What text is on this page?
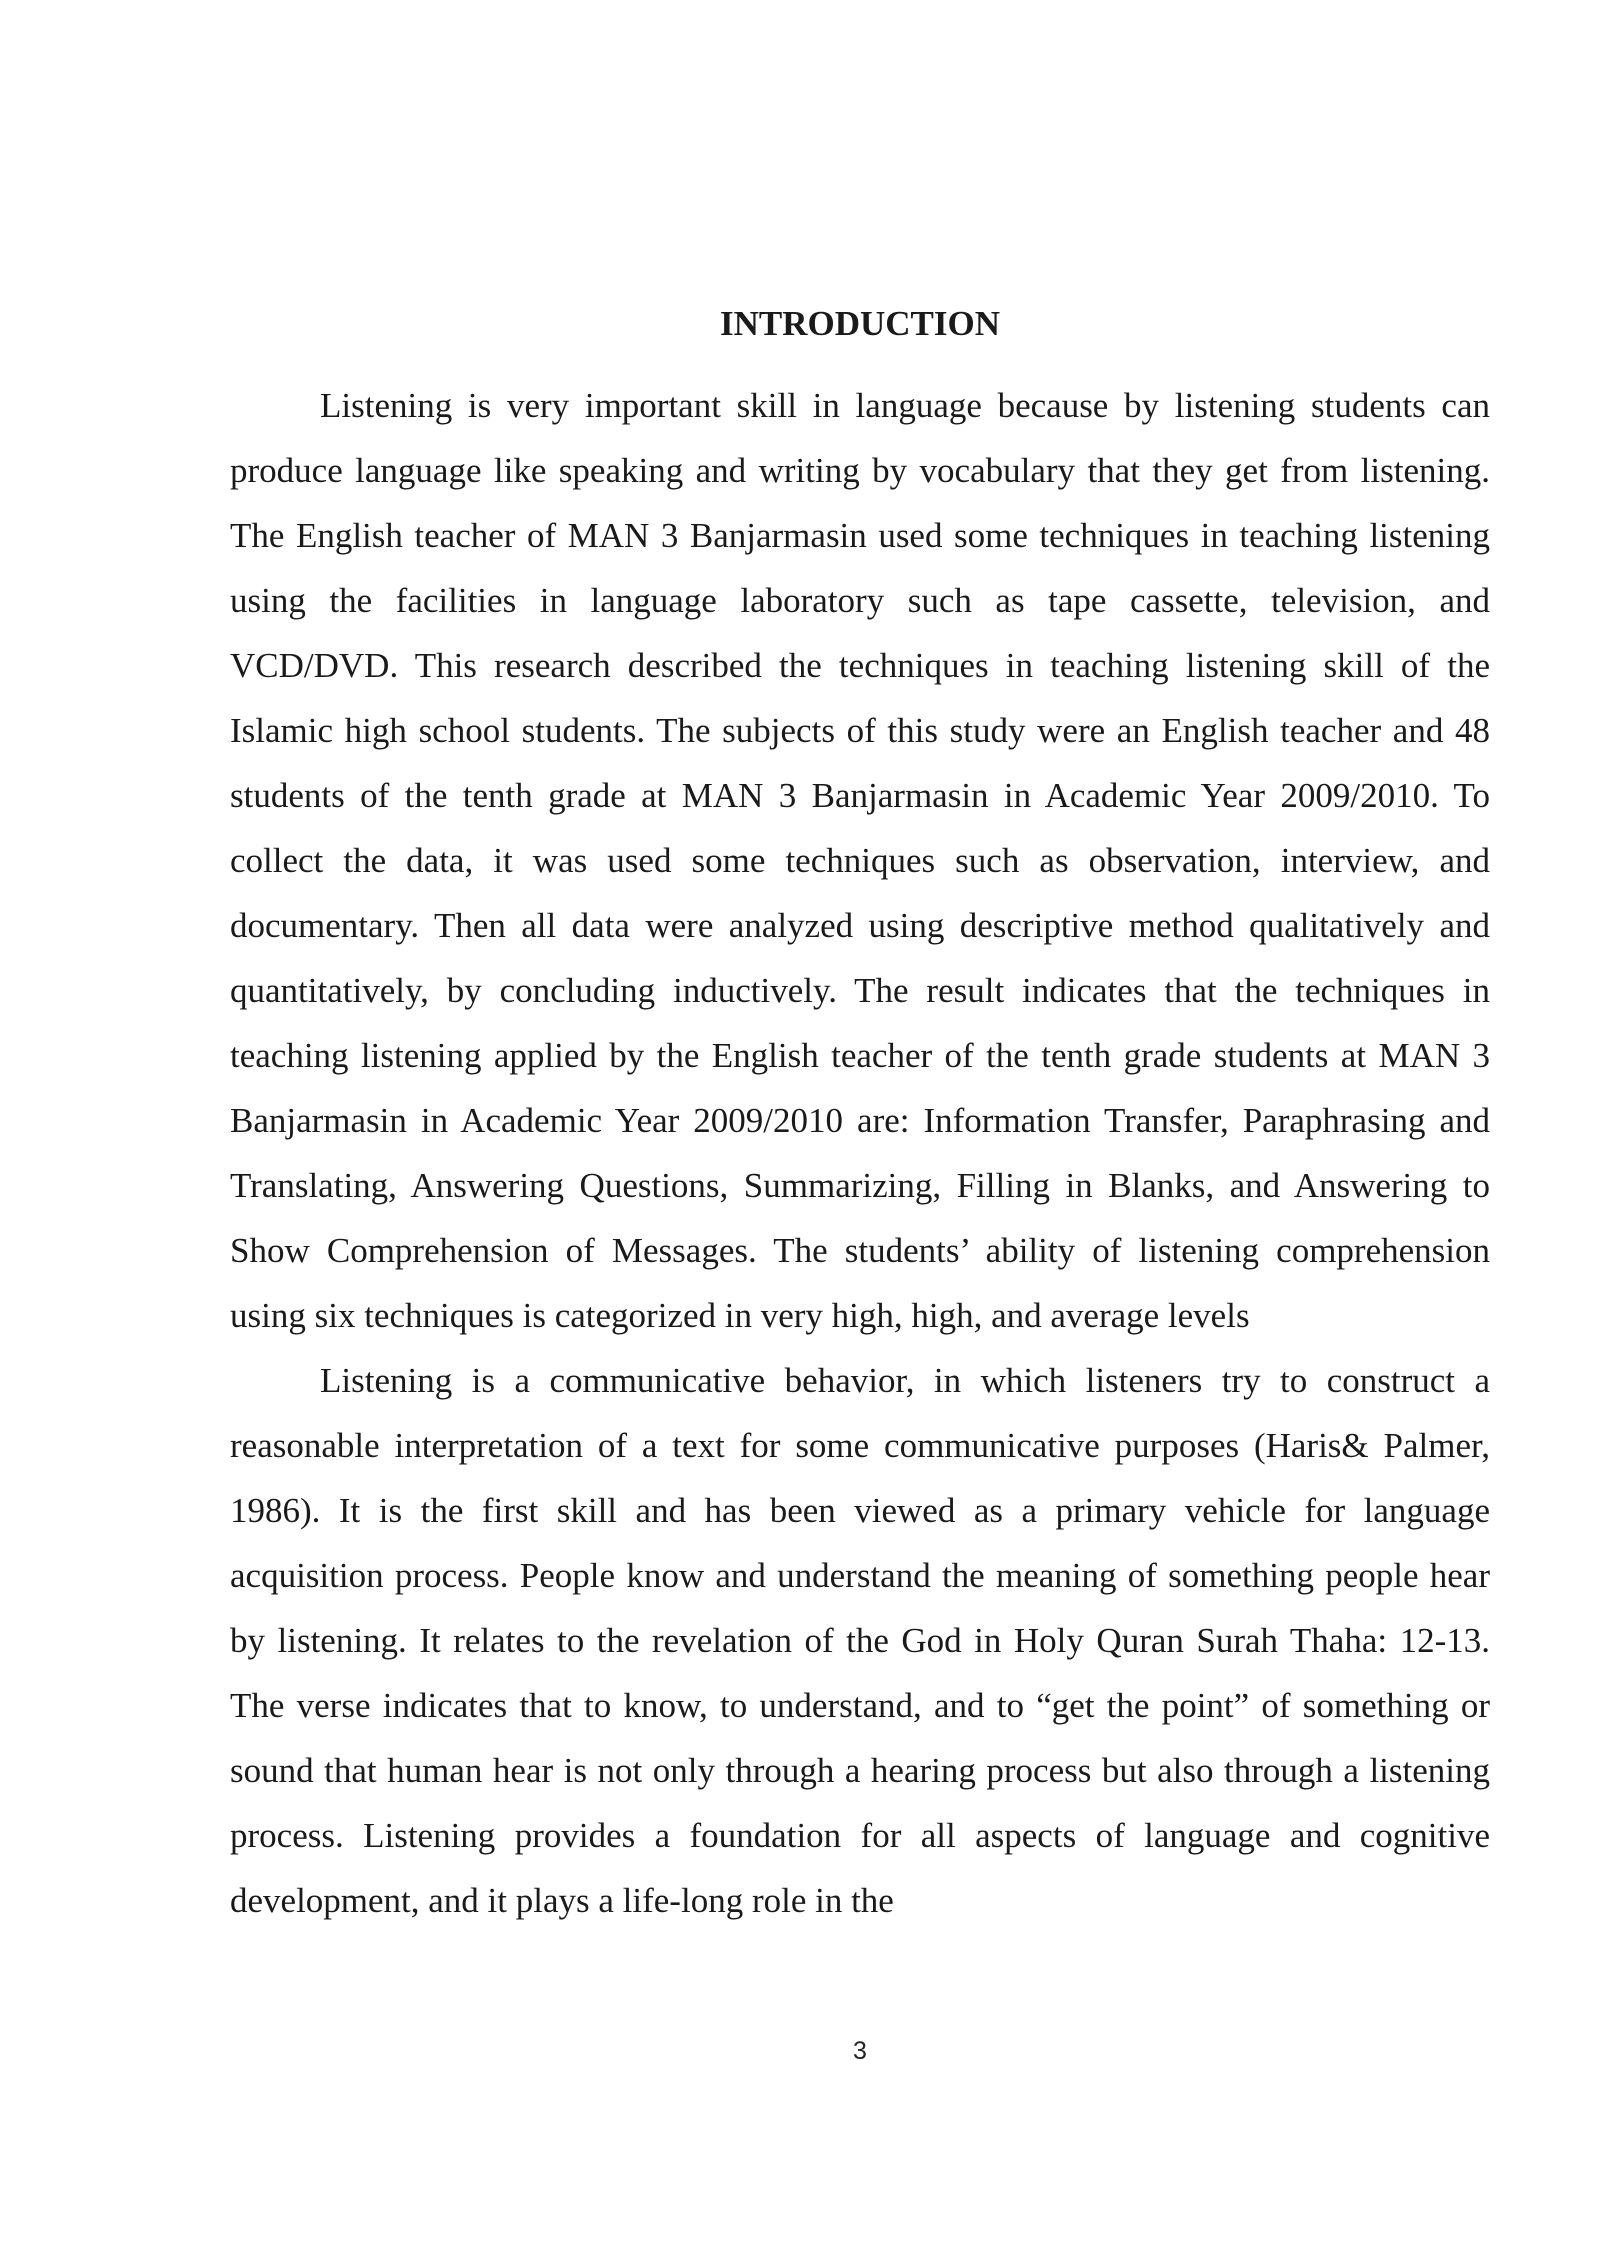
INTRODUCTION

Listening is very important skill in language because by listening students can produce language like speaking and writing by vocabulary that they get from listening. The English teacher of MAN 3 Banjarmasin used some techniques in teaching listening using the facilities in language laboratory such as tape cassette, television, and VCD/DVD. This research described the techniques in teaching listening skill of the Islamic high school students. The subjects of this study were an English teacher and 48 students of the tenth grade at MAN 3 Banjarmasin in Academic Year 2009/2010. To collect the data, it was used some techniques such as observation, interview, and documentary. Then all data were analyzed using descriptive method qualitatively and quantitatively, by concluding inductively. The result indicates that the techniques in teaching listening applied by the English teacher of the tenth grade students at MAN 3 Banjarmasin in Academic Year 2009/2010 are: Information Transfer, Paraphrasing and Translating, Answering Questions, Summarizing, Filling in Blanks, and Answering to Show Comprehension of Messages. The students’ ability of listening comprehension using six techniques is categorized in very high, high, and average levels

Listening is a communicative behavior, in which listeners try to construct a reasonable interpretation of a text for some communicative purposes (Haris& Palmer, 1986). It is the first skill and has been viewed as a primary vehicle for language acquisition process. People know and understand the meaning of something people hear by listening. It relates to the revelation of the God in Holy Quran Surah Thaha: 12-13. The verse indicates that to know, to understand, and to “get the point” of something or sound that human hear is not only through a hearing process but also through a listening process. Listening provides a foundation for all aspects of language and cognitive development, and it plays a life-long role in the

3
